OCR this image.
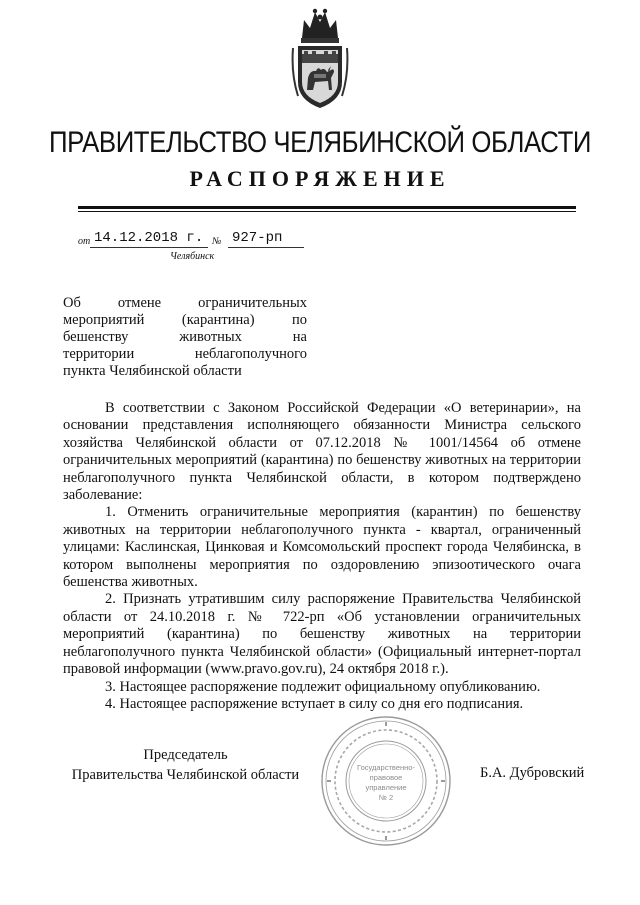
ПРАВИТЕЛЬСТВО ЧЕЛЯБИНСКОЙ ОБЛАСТИ
РАСПОРЯЖЕНИЕ
от 14.12.2018 г. № 927-рп
Челябинск
Об отмене ограничительных
мероприятий (карантина) по
бешенству животных на
территории неблагополучного
пункта Челябинской области

В соответствии с Законом Российской Федерации «О ветеринарии», на основании представления исполняющего обязанности Министра сельского хозяйства Челябинской области от 07.12.2018 № 1001/14564 об отмене ограничительных мероприятий (карантина) по бешенству животных на территории неблагополучного пункта Челябинской области, в котором подтверждено заболевание:

1. Отменить ограничительные мероприятия (карантин) по бешенству животных на территории неблагополучного пункта - квартал, ограниченный улицами: Каслинская, Цинковая и Комсомольский проспект города Челябинска, в котором выполнены мероприятия по оздоровлению эпизоотического очага бешенства животных.

2. Признать утратившим силу распоряжение Правительства Челябинской области от 24.10.2018 г. № 722-рп «Об установлении ограничительных мероприятий (карантина) по бешенству животных на территории неблагополучного пункта Челябинской области» (Официальный интернет-портал правовой информации (www.pravo.gov.ru), 24 октября 2018 г.).

3. Настоящее распоряжение подлежит официальному опубликованию.

4. Настоящее распоряжение вступает в силу со дня его подписания.

Председатель
Правительства Челябинской области	Б.А. Дубровский
Государственно-
правовое
управление
№ 2
